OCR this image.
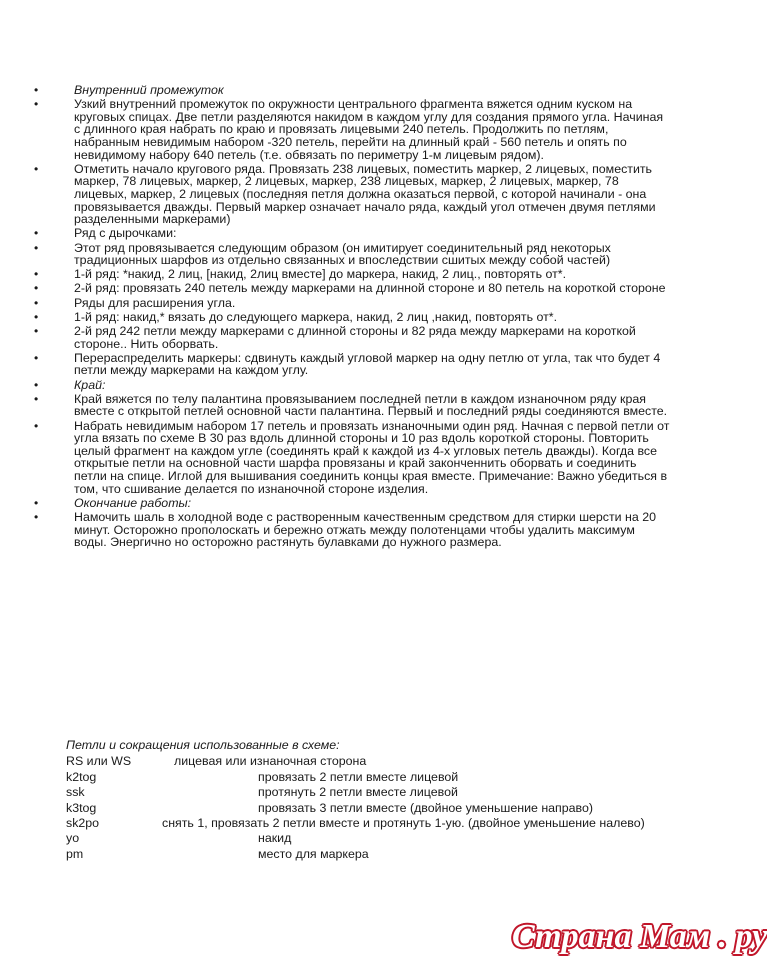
•	Внутренний промежуток
•	Узкий внутренний промежуток по окружности центрального фрагмента вяжется одним куском на круговых спицах. Две петли разделяются накидом в каждом углу для создания прямого угла. Начиная с длинного края набрать по краю и провязать лицевыми 240 петель. Продолжить по петлям, набранным невидимым набором -320 петель, перейти на длинный край - 560 петель и опять по невидимому набору 640 петель (т.е. обвязать по периметру 1-м лицевым рядом).
•	Отметить начало кругового ряда. Провязать 238 лицевых, поместить маркер, 2 лицевых, поместить маркер, 78 лицевых, маркер, 2 лицевых, маркер, 238 лицевых, маркер, 2 лицевых, маркер, 78 лицевых, маркер, 2 лицевых (последняя петля должна оказаться первой, с которой начинали - она провязывается дважды. Первый маркер означает начало ряда, каждый угол отмечен двумя петлями разделенными маркерами)
•	Ряд с дырочками:
•	Этот ряд провязывается следующим образом (он имитирует соединительный ряд некоторых традиционных шарфов из отдельно связанных и впоследствии сшитых между собой частей)
•	1-й ряд: *накид, 2 лиц, [накид, 2лиц вместе] до маркера, накид, 2 лиц., повторять от*.
•	2-й ряд: провязать 240 петель между маркерами на длинной стороне и 80 петель на короткой стороне
•	Ряды для расширения угла.
•	1-й ряд: накид,* вязать до следующего маркера, накид, 2 лиц ,накид, повторять от*.
•	2-й ряд 242 петли между маркерами с длинной стороны и 82 ряда между маркерами на короткой стороне.. Нить оборвать.
•	Перераспределить маркеры: сдвинуть каждый угловой маркер на одну петлю от угла, так что будет 4 петли между маркерами на каждом углу.
•	Край:
•	Край вяжется по телу палантина провязыванием последней петли в каждом изнаночном ряду края вместе с открытой петлей основной части палантина. Первый и последний ряды соединяются вместе.
•	Набрать невидимым набором 17 петель и провязать изнаночными один ряд. Начная с первой петли от угла вязать по схеме В 30 раз вдоль длинной стороны и 10 раз вдоль короткой стороны. Повторить целый фрагмент на каждом угле (соединять край к каждой из 4-х угловых петель дважды). Когда все открытые петли на основной части шарфа провязаны и край законченнить оборвать и соединить петли на спице. Иглой для вышивания соединить концы края вместе. Примечание: Важно убедиться в том, что сшивание делается по изнаночной стороне изделия.
•	Окончание работы:
•	Намочить шаль в холодной воде с растворенным качественным средством для стирки шерсти на 20 минут. Осторожно прополоскать и бережно отжать между полотенцами чтобы удалить максимум воды. Энергично но осторожно растянуть булавками до нужного размера.
Петли и сокращения использованные в схеме:
RS или WS	лицевая или изнаночная сторона
k2tog	провязать 2 петли вместе лицевой
ssk	протянуть 2 петли вместе лицевой
k3tog	провязать 3 петли вместе (двойное уменьшение направо)
sk2po	снять 1, провязать 2 петли вместе и протянуть 1-ую. (двойное уменьшение налево)
yo	накид
pm	место для маркера
Страна Мам . ру
